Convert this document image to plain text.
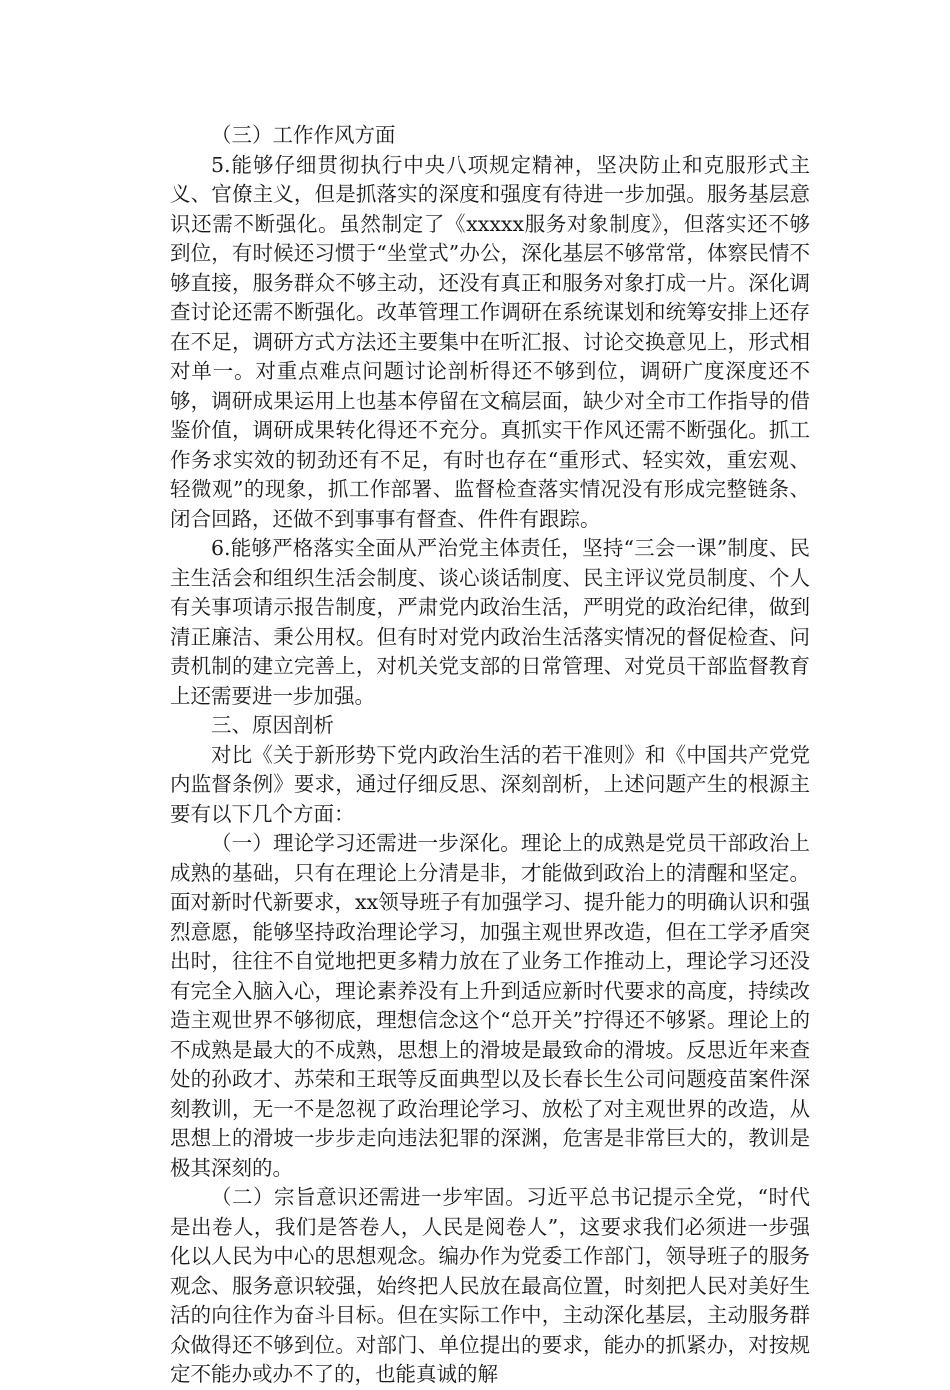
（三）工作作风方面

5.能够仔细贯彻执行中央八项规定精神，坚决防止和克服形式主义、官僚主义，但是抓落实的深度和强度有待进一步加强。服务基层意识还需不断强化。虽然制定了《xxxxx服务对象制度》，但落实还不够到位，有时候还习惯于“坐堂式”办公，深化基层不够常常，体察民情不够直接，服务群众不够主动，还没有真正和服务对象打成一片。深化调查讨论还需不断强化。改革管理工作调研在系统谋划和统筹安排上还存在不足，调研方式方法还主要集中在听汇报、讨论交换意见上，形式相对单一。对重点难点问题讨论剖析得还不够到位，调研广度深度还不够，调研成果运用上也基本停留在文稿层面，缺少对全市工作指导的借鉴价值，调研成果转化得还不充分。真抓实干作风还需不断强化。抓工作务求实效的韧劲还有不足，有时也存在“重形式、轻实效，重宏观、轻微观”的现象，抓工作部署、监督检查落实情况没有形成完整链条、闭合回路，还做不到事事有督查、件件有跟踪。

6.能够严格落实全面从严治党主体责任，坚持“三会一课”制度、民主生活会和组织生活会制度、谈心谈话制度、民主评议党员制度、个人有关事项请示报告制度，严肃党内政治生活，严明党的政治纪律，做到清正廉洁、秉公用权。但有时对党内政治生活落实情况的督促检查、问责机制的建立完善上，对机关党支部的日常管理、对党员干部监督教育上还需要进一步加强。

三、原因剖析

对比《关于新形势下党内政治生活的若干准则》和《中国共产党党内监督条例》要求，通过仔细反思、深刻剖析，上述问题产生的根源主要有以下几个方面：

（一）理论学习还需进一步深化。理论上的成熟是党员干部政治上成熟的基础，只有在理论上分清是非，才能做到政治上的清醒和坚定。面对新时代新要求，xx领导班子有加强学习、提升能力的明确认识和强烈意愿，能够坚持政治理论学习，加强主观世界改造，但在工学矛盾突出时，往往不自觉地把更多精力放在了业务工作推动上，理论学习还没有完全入脑入心，理论素养没有上升到适应新时代要求的高度，持续改造主观世界不够彻底，理想信念这个“总开关”拧得还不够紧。理论上的不成熟是最大的不成熟，思想上的滑坡是最致命的滑坡。反思近年来查处的孙政才、苏荣和王珉等反面典型以及长春长生公司问题疫苗案件深刻教训，无一不是忽视了政治理论学习、放松了对主观世界的改造，从思想上的滑坡一步步走向违法犯罪的深渊，危害是非常巨大的，教训是极其深刻的。

（二）宗旨意识还需进一步牢固。习近平总书记提示全党，“时代是出卷人，我们是答卷人，人民是阅卷人”，这要求我们必须进一步强化以人民为中心的思想观念。编办作为党委工作部门，领导班子的服务观念、服务意识较强，始终把人民放在最高位置，时刻把人民对美好生活的向往作为奋斗目标。但在实际工作中，主动深化基层，主动服务群众做得还不够到位。对部门、单位提出的要求，能办的抓紧办，对按规定不能办或办不了的，也能真诚的解
